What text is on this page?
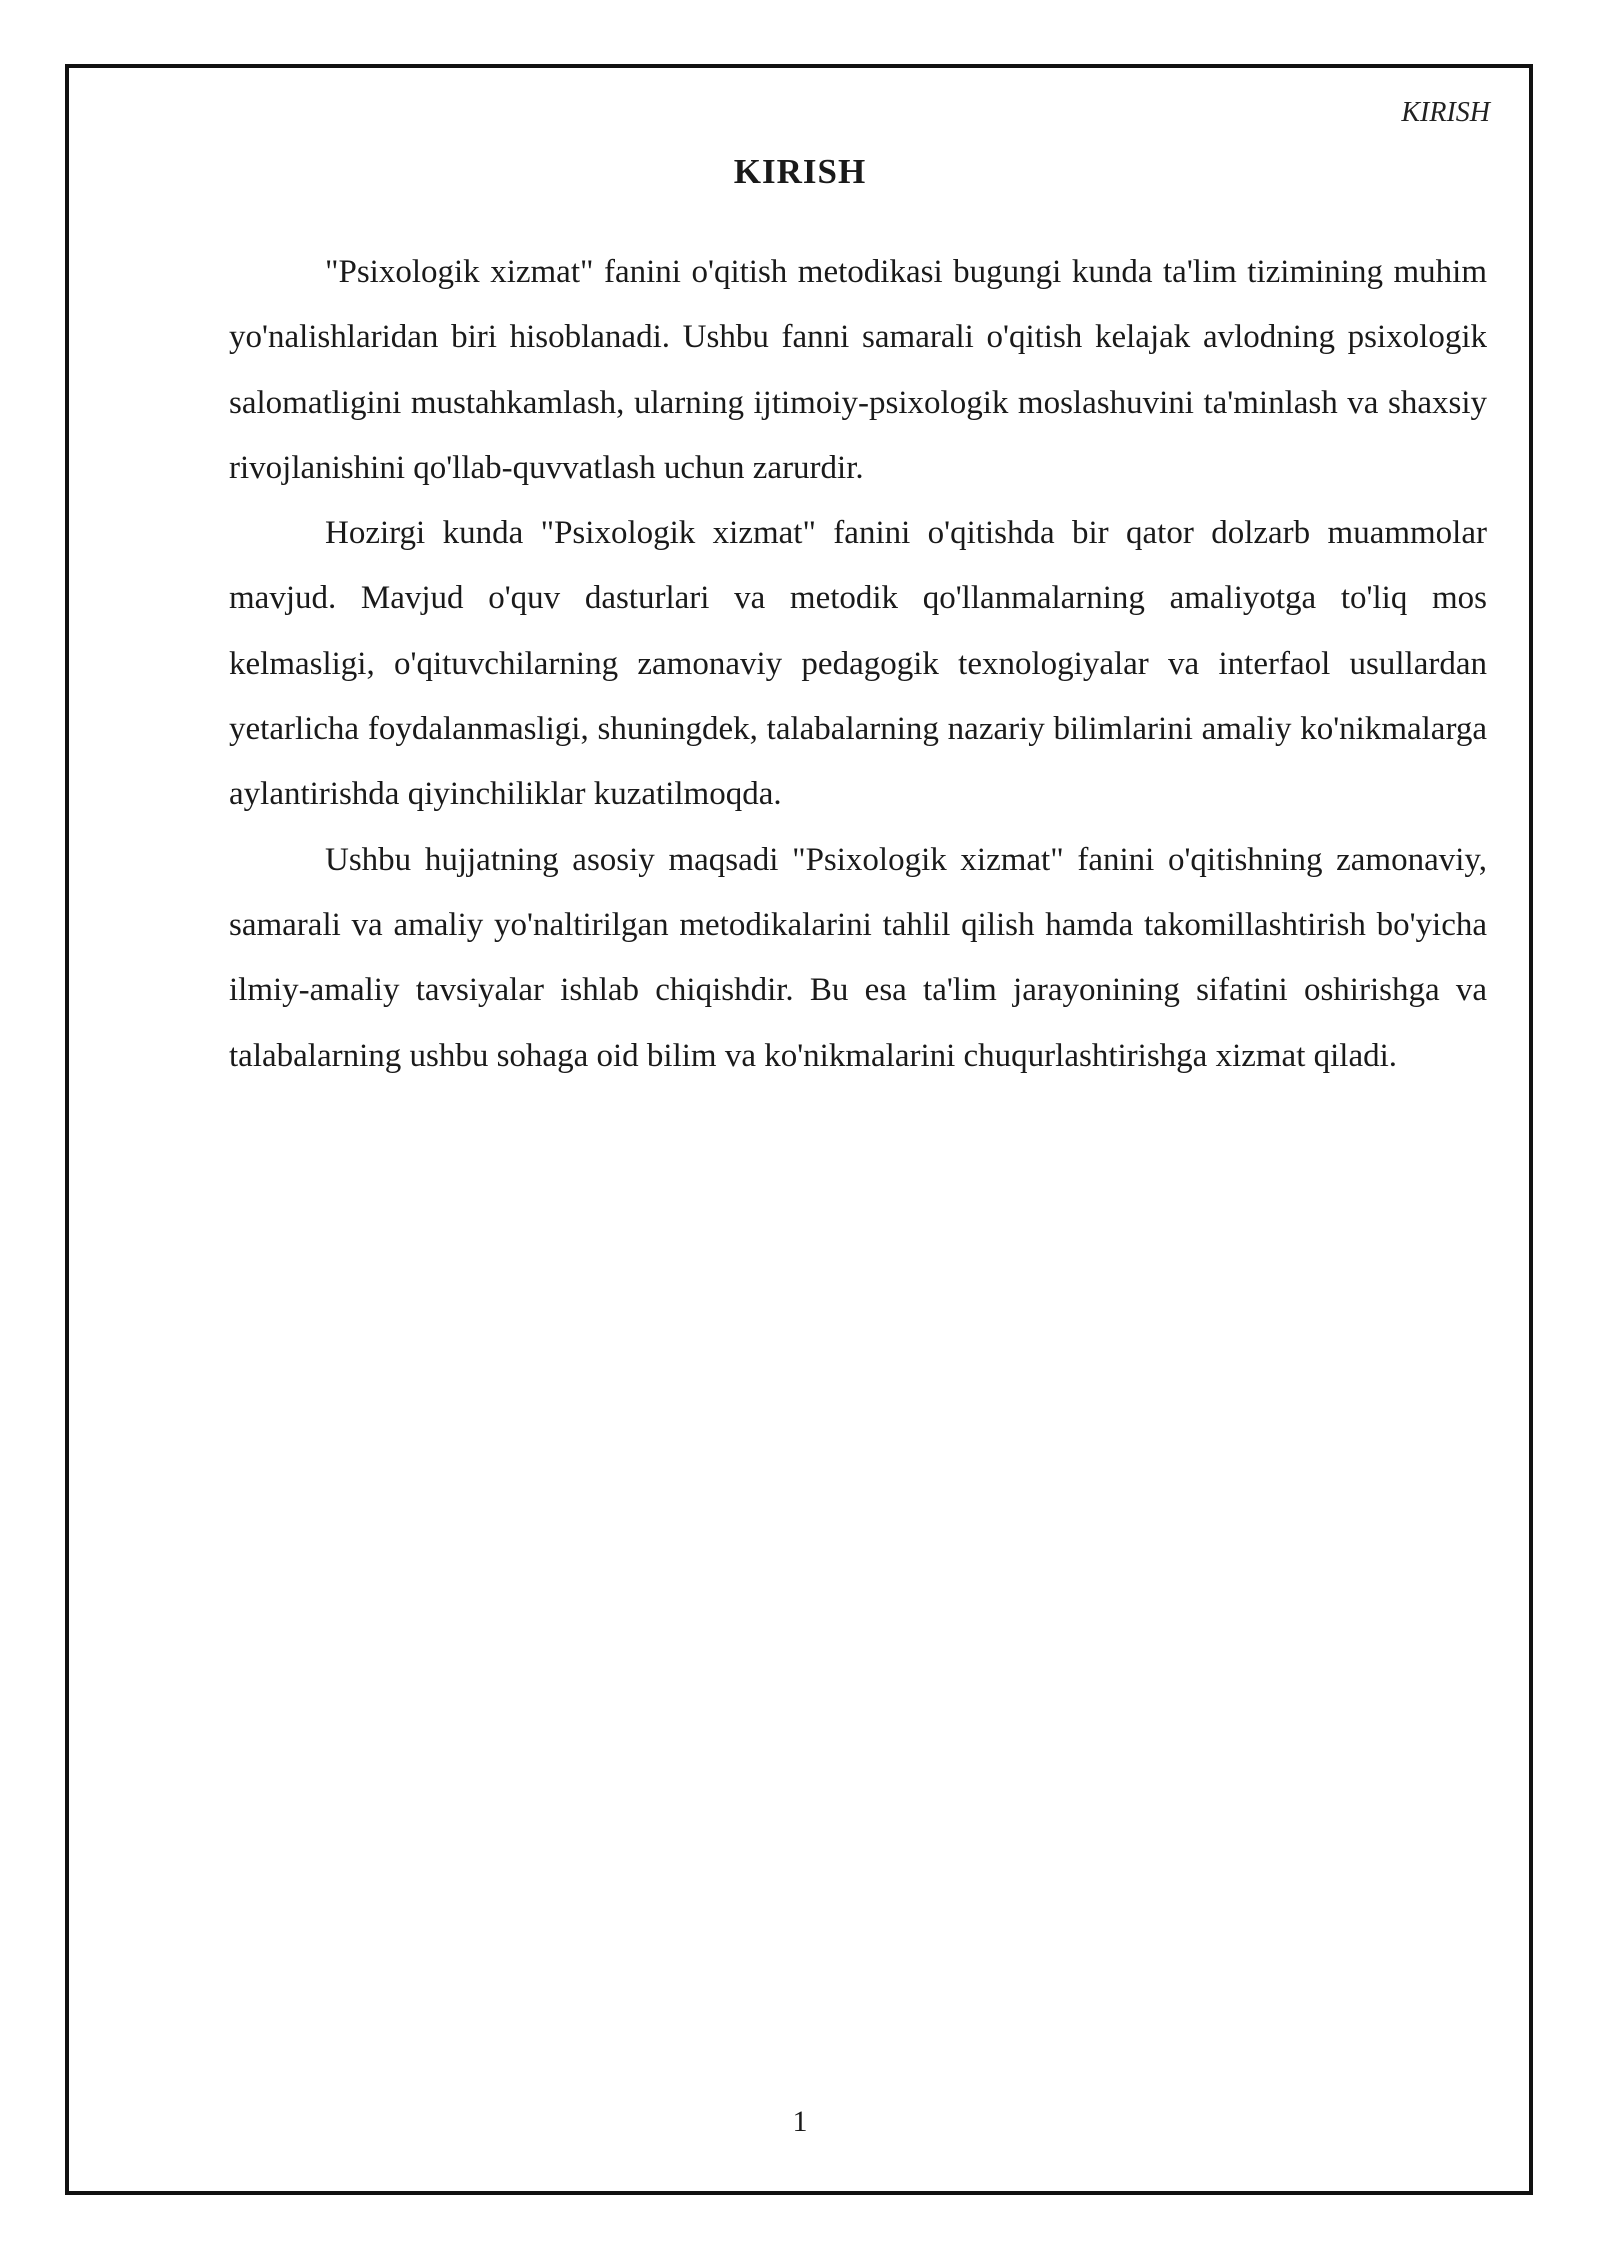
KIRISH
KIRISH

"Psixologik xizmat" fanini o'qitish metodikasi bugungi kunda ta'lim tizimining muhim yo'nalishlaridan biri hisoblanadi. Ushbu fanni samarali o'qitish kelajak avlodning psixologik salomatligini mustahkamlash, ularning ijtimoiy-psixologik moslashuvini ta'minlash va shaxsiy rivojlanishini qo'llab-quvvatlash uchun zarurdir.

Hozirgi kunda "Psixologik xizmat" fanini o'qitishda bir qator dolzarb muammolar mavjud. Mavjud o'quv dasturlari va metodik qo'llanmalarning amaliyotga to'liq mos kelmasligi, o'qituvchilarning zamonaviy pedagogik texnologiyalar va interfaol usullardan yetarlicha foydalanmasligi, shuningdek, talabalarning nazariy bilimlarini amaliy ko'nikmalarga aylantirishda qiyinchiliklar kuzatilmoqda.

Ushbu hujjatning asosiy maqsadi "Psixologik xizmat" fanini o'qitishning zamonaviy, samarali va amaliy yo'naltirilgan metodikalarini tahlil qilish hamda takomillashtirish bo'yicha ilmiy-amaliy tavsiyalar ishlab chiqishdir. Bu esa ta'lim jarayonining sifatini oshirishga va talabalarning ushbu sohaga oid bilim va ko'nikmalarini chuqurlashtirishga xizmat qiladi.

1
